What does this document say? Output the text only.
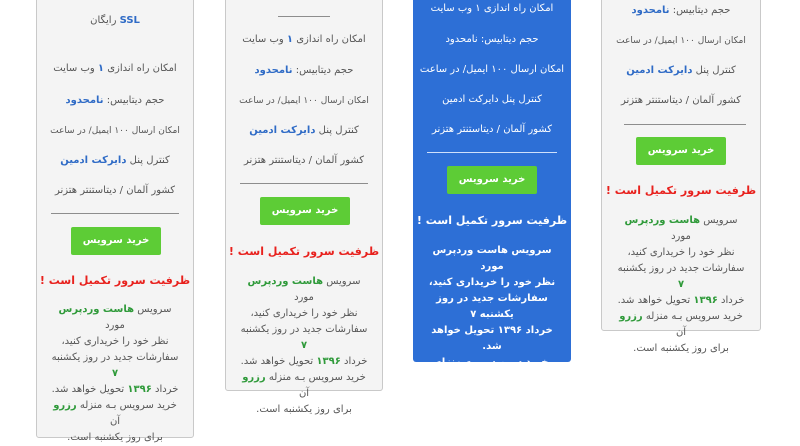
حجم دیتابیس: نامحدود
امکان ارسال ۱۰۰ ایمیل/ در ساعت
کنترل پنل دایرکت ادمین
کشور آلمان / دیتاستنتر هتزنر
خرید سرویس
ظرفیت سرور تکمیل است !
سرویس هاست وردپرس مورد
نظر خود را خریداری کنید،
سفارشات جدید در روز یکشنبه ۷
خرداد ۱۳۹۶ تحویل خواهد شد.
خرید سرویس بـه منزله رزرو آن
برای روز یکشنبه است.
امکان راه اندازی ۱ وب سایت
حجم دیتابیس: نامحدود
امکان ارسال ۱۰۰ ایمیل/ در ساعت
کنترل پنل دایرکت ادمین
کشور آلمان / دیتاستنتر هتزنر
خرید سرویس
ظرفیت سرور تکمیل است !
سرویس هاست وردپرس مورد
نظر خود را خریداری کنید،
سفارشات جدید در روز یکشنبه ۷
خرداد ۱۳۹۶ تحویل خواهد شد.
خرید سرویس بـه منزله رزرو آن
برای روز یکشنبه است.
امکان راه اندازی ۱ وب سایت
حجم دیتابیس: نامحدود
امکان ارسال ۱۰۰ ایمیل/ در ساعت
کنترل پنل دایرکت ادمین
کشور آلمان / دیتاستنتر هتزنر
خرید سرویس
ظرفیت سرور تکمیل است !
سرویس هاست وردپرس مورد
نظر خود را خریداری کنید،
سفارشات جدید در روز یکشنبه ۷
خرداد ۱۳۹۶ تحویل خواهد شد.
خرید سرویس بـه منزله رزرو آن
برای روز یکشنبه است.
SSL رایگان
امکان راه اندازی ۱ وب سایت
حجم دیتابیس: نامحدود
امکان ارسال ۱۰۰ ایمیل/ در ساعت
کنترل پنل دایرکت ادمین
کشور آلمان / دیتاستنتر هتزنر
خرید سرویس
ظرفیت سرور تکمیل است !
سرویس هاست وردپرس مورد
نظر خود را خریداری کنید،
سفارشات جدید در روز یکشنبه ۷
خرداد ۱۳۹۶ تحویل خواهد شد.
خرید سرویس بـه منزله رزرو آن
برای روز یکشنبه است.
